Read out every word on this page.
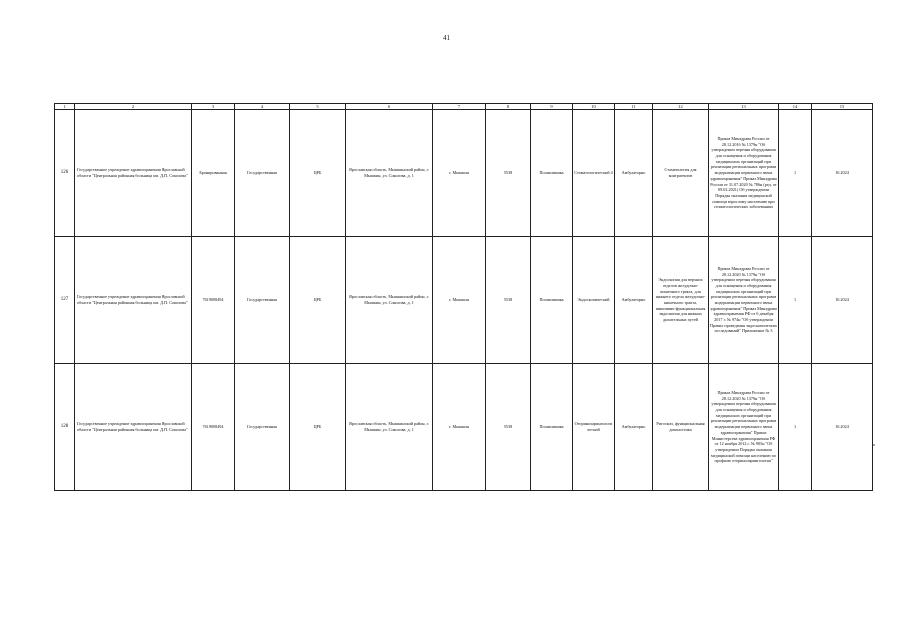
41
1	2	3	4	5	6	7	8	9	10	11	12	13	14	15
126	Государственное учреждение здравоохранения Ярославской области "Центральная районная больница им. Д.П. Соколова"	Бронированная	Государственная	ЦРБ	Ярославская область, Мышкинский район, г. Мышкин, ул. Соколова, д. 1	г. Мышкин	5538	Поликлиника	Стоматологический 4	Амбулаторно	Стоматология для контрагентов	Приказ Минздрава России от 28.12.2016 № 1379н "Об утверждении перечня оборудования для оснащения и оборудования медицинских организаций при реализации региональных программ модернизации первичного звена здравоохранения" Приказ Минздрава России от 31.07.2020 № 786н (ред. от 09.02.2021) Об утверждении Порядка оказания медицинской помощи взрослому населению при стоматологических заболеваниях	1	10.2024
127	Государственное учреждение здравоохранения Ярославской области "Центральная районная больница им. Д.П. Соколова"	7619008494	Государственная	ЦРБ	Ярославская область, Мышкинский район, г. Мышкин, ул. Соколова, д. 1	г. Мышкин	5538	Поликлиника	Эндоскопический	Амбулаторно	Эндоскопия для верхних отделов желудочно-кишечного тракта, для нижнего отдела желудочно-кишечного тракта, инвазивно-функциональная эндоскопия для нижних дыхательных путей	Приказ Минздрава России от 28.12.2020 № 1379н "Об утверждении перечня оборудования для оснащения и оборудования медицинских организаций при реализации региональных программ модернизации первичного звена здравоохранения" Приказ Минздрава здравоохранения РФ от 6 декабря 2017 г. № 974н "Об утверждении Правил проведения эндоскопических исследований" Приложение № 3	1	10.2024
128	Государственное учреждение здравоохранения Ярославской области "Центральная районная больница им. Д.П. Соколова"	7619008494	Государственная	ЦРБ	Ярославская область, Мышкинский район, г. Мышкин, ул. Соколова, д. 1	г. Мышкин	5538	Поликлиника	Оториноларингологический	Амбулаторно	Ригоскоп, функциональная диагностика	Приказ Минздрава России от 28.12.2020 № 1379н "Об утверждении перечня оборудования для оснащения и оборудования медицинских организаций при реализации региональных программ модернизации первичного звена здравоохранения" Приказ Министерства здравоохранения РФ от 12 ноября 2012 г. № 905н "Об утверждении Порядка оказания медицинской помощи населению по профилю оториноларингология"	1	10.2024
